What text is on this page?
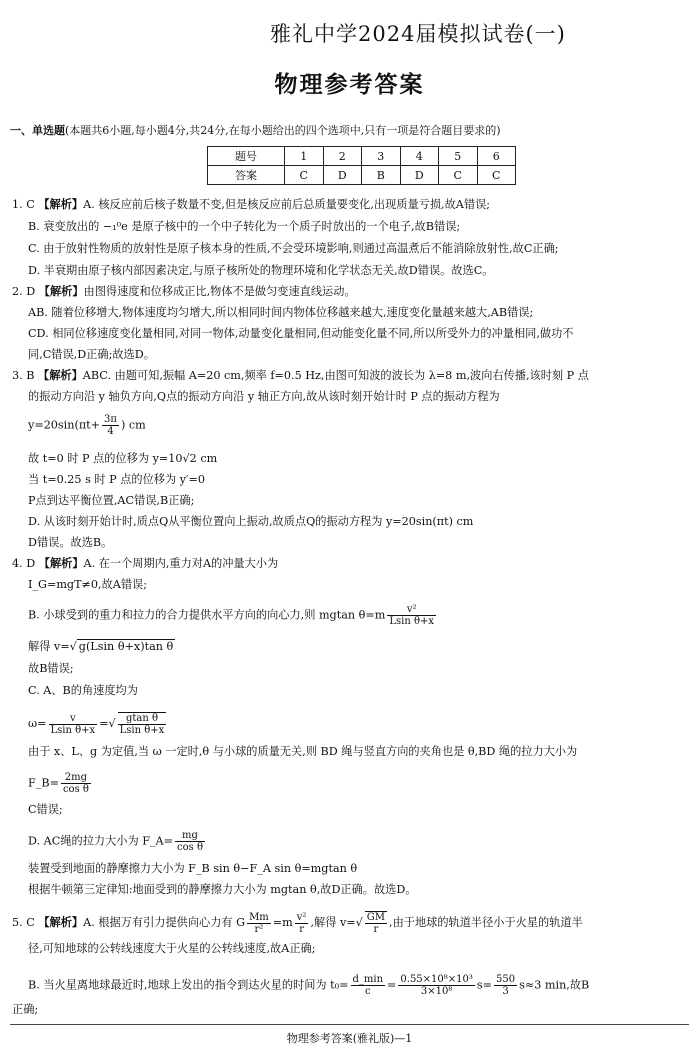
雅礼中学2024届模拟试卷(一)
物理参考答案
一、单选题(本题共6小题,每小题4分,共24分,在每小题给出的四个选项中,只有一项是符合题目要求的)
题号	1	2	3	4	5	6
答案	C	D	B	D	C	C
1. C 【解析】A. 核反应前后核子数量不变,但是核反应前后总质量要变化,出现质量亏损,故A错误;
B. 衰变放出的 −₁⁰e 是原子核中的一个中子转化为一个质子时放出的一个电子,故B错误;
C. 由于放射性物质的放射性是原子核本身的性质,不会受环境影响,则通过高温煮后不能消除放射性,故C正确;
D. 半衰期由原子核内部因素决定,与原子核所处的物理环境和化学状态无关,故D错误。故选C。
2. D 【解析】由图得速度和位移成正比,物体不是做匀变速直线运动。
AB. 随着位移增大,物体速度均匀增大,所以相同时间内物体位移越来越大,速度变化量越来越大,AB错误;
CD. 相同位移速度变化量相同,对同一物体,动量变化量相同,但动能变化量不同,所以所受外力的冲量相同,做功不
同,C错误,D正确;故选D。
3. B 【解析】ABC. 由题可知,振幅 A=20 cm,频率 f=0.5 Hz,由图可知波的波长为 λ=8 m,波向右传播,该时刻 P 点
的振动方向沿 y 轴负方向,Q点的振动方向沿 y 轴正方向,故从该时刻开始计时 P 点的振动方程为
$y=20\sin(\pi t+ \frac{3\pi}{4}$ ) cm
故 t=0 时 P 点的位移为 y=10√2 cm
当 t=0.25 s 时 P 点的位移为 y′=0
P点到达平衡位置,AC错误,B正确;
D. 从该时刻开始计时,质点Q从平衡位置向上振动,故质点Q的振动方程为 y=20sin(πt) cm
D错误。故选B。
4. D 【解析】A. 在一个周期内,重力对A的冲量大小为
I_G=mgT≠0,故A错误;
B. 小球受到的重力和拉力的合力提供水平方向的向心力,则 mgtan $\theta=m \frac{\text{v²}}{\text{Lsin θ+x}}$
解得 v=√ g(Lsin θ+x)tan θ
故B错误;
C. A、B的角速度均为
$\omega= \frac{v}{\text{Lsin θ+x}}$ =√ $\frac{\text{gtan θ}}{\text{Lsin θ+x}}$
由于 x、L、g 为定值,当 ω 一定时,θ 与小球的质量无关,则 BD 绳与竖直方向的夹角也是 θ,BD 绳的拉力大小为
F_B= $\frac{2mg}{\text{cos θ}}$
C错误;
D. AC绳的拉力大小为 F_A= $\frac{mg}{\text{cos θ}}$
装置受到地面的静摩擦力大小为 F_B sin θ−F_A sin θ=mgtan θ
根据牛顿第三定律知:地面受到的静摩擦力大小为 mgtan θ,故D正确。故选D。
5. C 【解析】A. 根据万有引力提供向心力有 G $\frac{Mm}{\text{r²}} =m \frac{\text{v²}}{r}$ ,解得 $v=√ \frac{GM}{r}$ ,由于地球的轨道半径小于火星的轨道半
径,可知地球的公转线速度大于火星的公转线速度,故A正确;
B. 当火星离地球最近时,地球上发出的指令到达火星的时间为 $t_0= \frac{d\_\min}{c} = \frac{\text{0.55×10⁸×10³}}{\text{3×10⁸}} s= \frac{550}{3} s\approx 3$ min,故B
正确;
物理参考答案(雅礼版)—1
